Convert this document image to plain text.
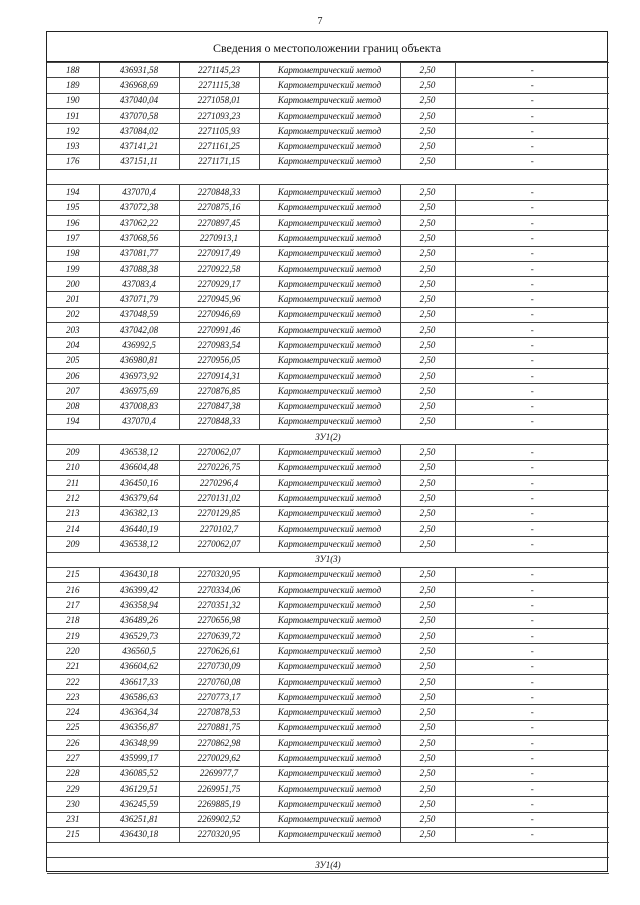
7
Сведения о местоположении границ объекта
188	436931,58	2271145,23	Картометрический метод	2,50	-
189	436968,69	2271115,38	Картометрический метод	2,50	-
190	437040,04	2271058,01	Картометрический метод	2,50	-
191	437070,58	2271093,23	Картометрический метод	2,50	-
192	437084,02	2271105,93	Картометрический метод	2,50	-
193	437141,21	2271161,25	Картометрический метод	2,50	-
176	437151,11	2271171,15	Картометрический метод	2,50	-

194	437070,4	2270848,33	Картометрический метод	2,50	-
195	437072,38	2270875,16	Картометрический метод	2,50	-
196	437062,22	2270897,45	Картометрический метод	2,50	-
197	437068,56	2270913,1	Картометрический метод	2,50	-
198	437081,77	2270917,49	Картометрический метод	2,50	-
199	437088,38	2270922,58	Картометрический метод	2,50	-
200	437083,4	2270929,17	Картометрический метод	2,50	-
201	437071,79	2270945,96	Картометрический метод	2,50	-
202	437048,59	2270946,69	Картометрический метод	2,50	-
203	437042,08	2270991,46	Картометрический метод	2,50	-
204	436992,5	2270983,54	Картометрический метод	2,50	-
205	436980,81	2270956,05	Картометрический метод	2,50	-
206	436973,92	2270914,31	Картометрический метод	2,50	-
207	436975,69	2270876,85	Картометрический метод	2,50	-
208	437008,83	2270847,38	Картометрический метод	2,50	-
194	437070,4	2270848,33	Картометрический метод	2,50	-
ЗУ1(2)					
209	436538,12	2270062,07	Картометрический метод	2,50	-
210	436604,48	2270226,75	Картометрический метод	2,50	-
211	436450,16	2270296,4	Картометрический метод	2,50	-
212	436379,64	2270131,02	Картометрический метод	2,50	-
213	436382,13	2270129,85	Картометрический метод	2,50	-
214	436440,19	2270102,7	Картометрический метод	2,50	-
209	436538,12	2270062,07	Картометрический метод	2,50	-
ЗУ1(3)					
215	436430,18	2270320,95	Картометрический метод	2,50	-
216	436399,42	2270334,06	Картометрический метод	2,50	-
217	436358,94	2270351,32	Картометрический метод	2,50	-
218	436489,26	2270656,98	Картометрический метод	2,50	-
219	436529,73	2270639,72	Картометрический метод	2,50	-
220	436560,5	2270626,61	Картометрический метод	2,50	-
221	436604,62	2270730,09	Картометрический метод	2,50	-
222	436617,33	2270760,08	Картометрический метод	2,50	-
223	436586,63	2270773,17	Картометрический метод	2,50	-
224	436364,34	2270878,53	Картометрический метод	2,50	-
225	436356,87	2270881,75	Картометрический метод	2,50	-
226	436348,99	2270862,98	Картометрический метод	2,50	-
227	435999,17	2270029,62	Картометрический метод	2,50	-
228	436085,52	2269977,7	Картометрический метод	2,50	-
229	436129,51	2269951,75	Картометрический метод	2,50	-
230	436245,59	2269885,19	Картометрический метод	2,50	-
231	436251,81	2269902,52	Картометрический метод	2,50	-
215	436430,18	2270320,95	Картометрический метод	2,50	-

ЗУ1(4)					
